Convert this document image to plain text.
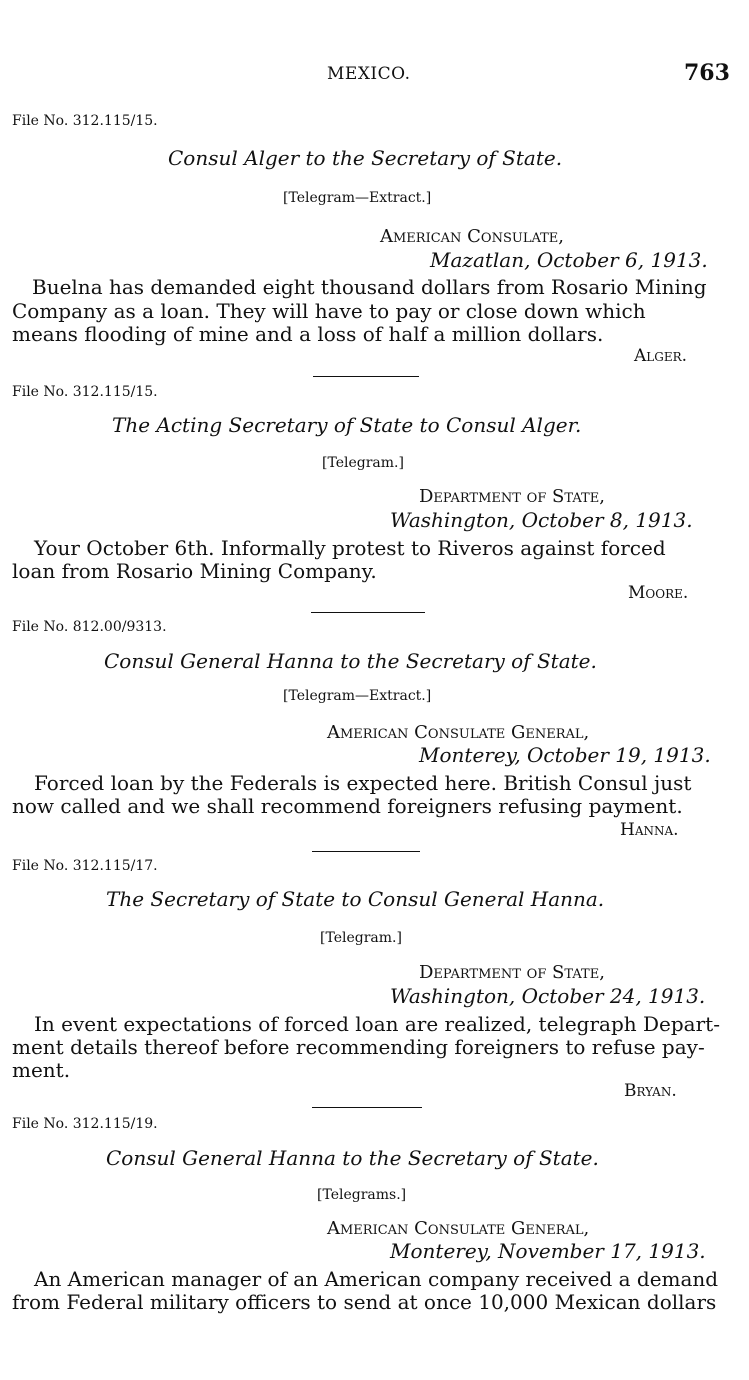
MEXICO.	763
File No. 312.115/15.
Consul Alger to the Secretary of State.
[Telegram—Extract.]
American Consulate,
Mazatlan, October 6, 1913.
Buelna has demanded eight thousand dollars from Rosario Mining
Company as a loan. They will have to pay or close down which
means flooding of mine and a loss of half a million dollars.
Alger.
File No. 312.115/15.
The Acting Secretary of State to Consul Alger.
[Telegram.]
Department of State,
Washington, October 8, 1913.
Your October 6th. Informally protest to Riveros against forced
loan from Rosario Mining Company.
Moore.
File No. 812.00/9313.
Consul General Hanna to the Secretary of State.
[Telegram—Extract.]
American Consulate General,
Monterey, October 19, 1913.
Forced loan by the Federals is expected here. British Consul just
now called and we shall recommend foreigners refusing payment.
Hanna.
File No. 312.115/17.
The Secretary of State to Consul General Hanna.
[Telegram.]
Department of State,
Washington, October 24, 1913.
In event expectations of forced loan are realized, telegraph Depart-
ment details thereof before recommending foreigners to refuse pay-
ment.
Bryan.
File No. 312.115/19.
Consul General Hanna to the Secretary of State.
[Telegrams.]
American Consulate General,
Monterey, November 17, 1913.
An American manager of an American company received a demand
from Federal military officers to send at once 10,000 Mexican dollars
